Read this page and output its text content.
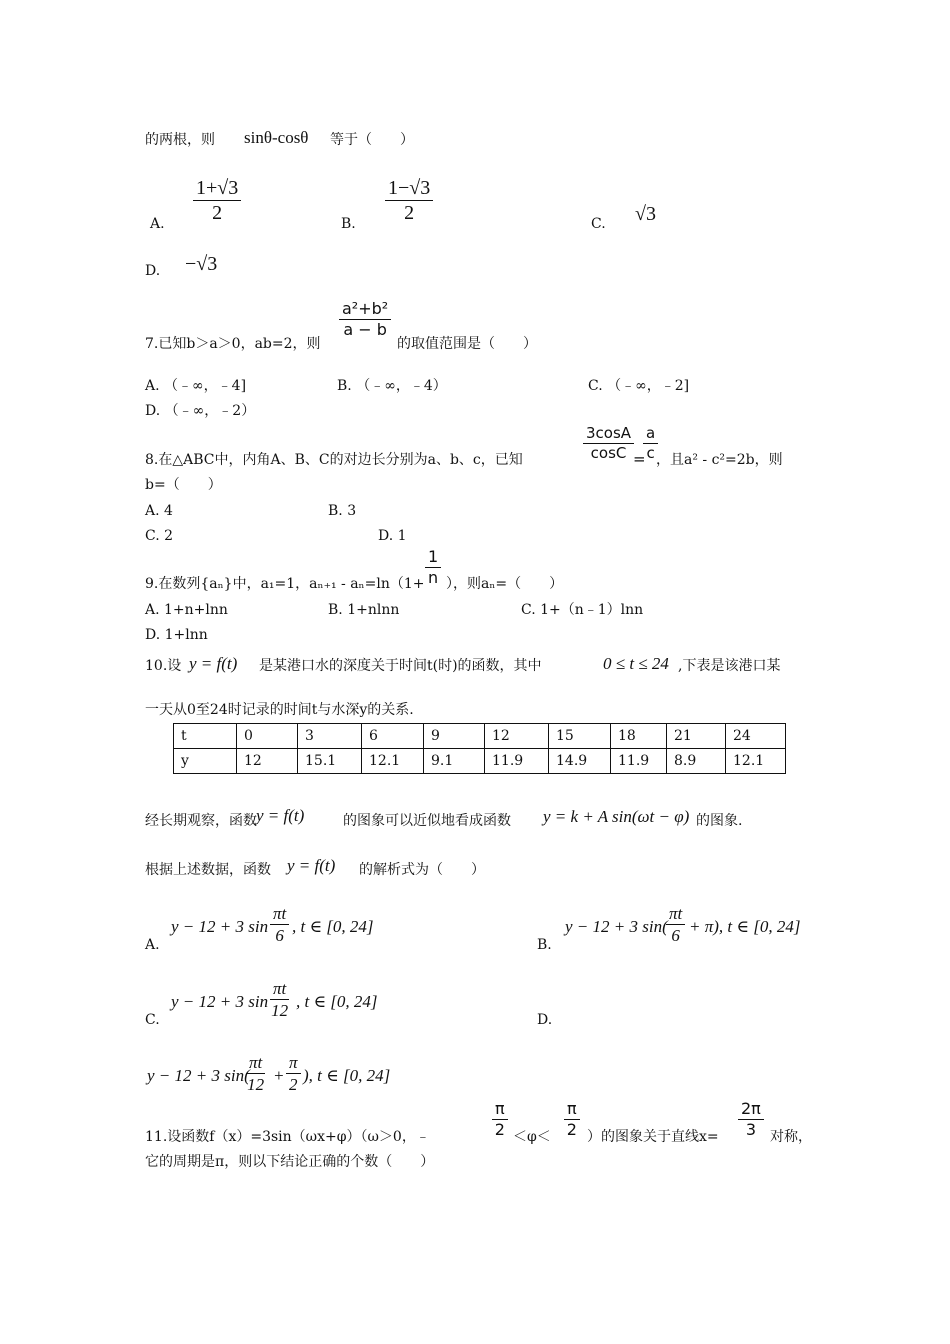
的两根，则 sinθ-cosθ 等于（　　）
A.
1+√3
2	B.
1−√3
2	C. √3
D. −√3
7.已知b＞a＞0，ab=2，则
a²+b²
a − b
的取值范围是（　　）
A. （﹣∞，﹣4]	B. （﹣∞，﹣4）	C. （﹣∞，﹣2]
D. （﹣∞，﹣2）
8.在△ABC中，内角A、B、C的对边长分别为a、b、c，已知
3cosA
cosC =
a
c ，且a² - c²=2b，则
b=（　　）
A. 4	B. 3
C. 2	D. 1
9.在数列{aₙ}中，a₁=1，aₙ₊₁ - aₙ=ln（1+
1
n ），则aₙ=（　　）
A. 1+n+lnn	B. 1+nlnn	C. 1+（n﹣1）lnn
D. 1+lnn
10.设 y = f(t) 是某港口水的深度关于时间t(时)的函数，其中	0 ≤ t ≤ 24 ,下表是该港口某
一天从0至24时记录的时间t与水深y的关系.
t	0	3	6	9	12	15	18	21	24
y	12	15.1	12.1	9.1	11.9	14.9	11.9	8.9	12.1
经长期观察，函数 y = f(t)	的图象可以近似地看成函数 y = k + A sin(ωt − φ) 的图象.
根据上述数据，函数 y = f(t) 的解析式为（　　）
A.
y − 12 + 3 sin
πt
6 , t ∈ [0, 24]
B.
y − 12 + 3 sin(
πt
6 + π), t ∈ [0, 24]
C.
y − 12 + 3 sin
πt
12 , t ∈ [0, 24]
D.
y − 12 + 3 sin(
πt
12 +
π
2 ), t ∈ [0, 24]
11.设函数f（x）=3sin（ωx+φ）（ω＞0，﹣
π
2 ＜φ＜
π
2 ）的图象关于直线x=
2π
3 对称，
它的周期是π，则以下结论正确的个数（　　）
